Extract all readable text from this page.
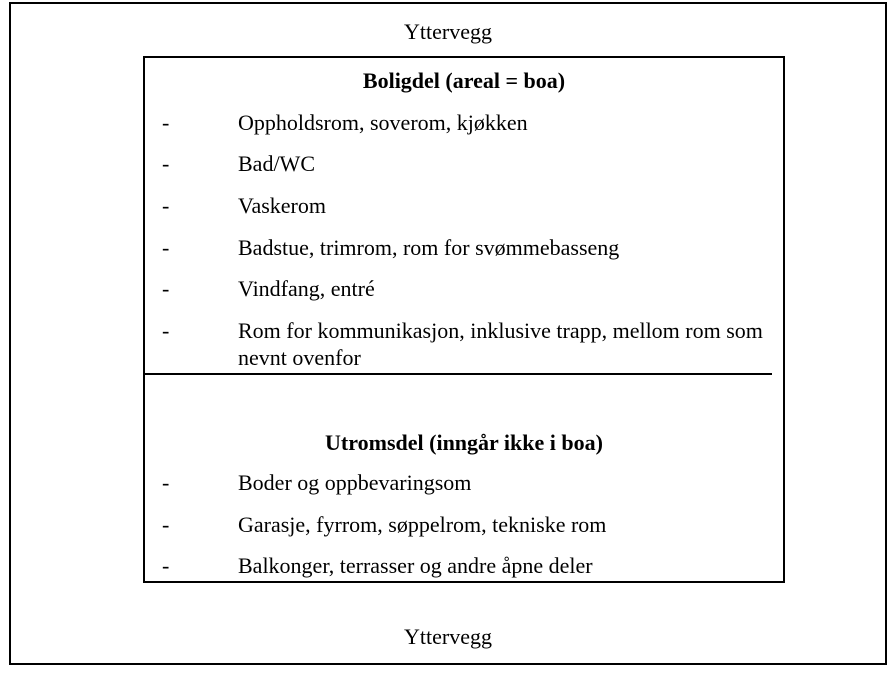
Yttervegg
Boligdel (areal = boa)
-	Oppholdsrom, soverom, kjøkken
-	Bad/WC
-	Vaskerom
-	Badstue, trimrom, rom for svømmebasseng
-	Vindfang, entré
-	Rom for kommunikasjon, inklusive trapp, mellom rom som nevnt ovenfor
Utromsdel (inngår ikke i boa)
-	Boder og oppbevaringsom
-	Garasje, fyrrom, søppelrom, tekniske rom
-	Balkonger, terrasser og andre åpne deler
Yttervegg
